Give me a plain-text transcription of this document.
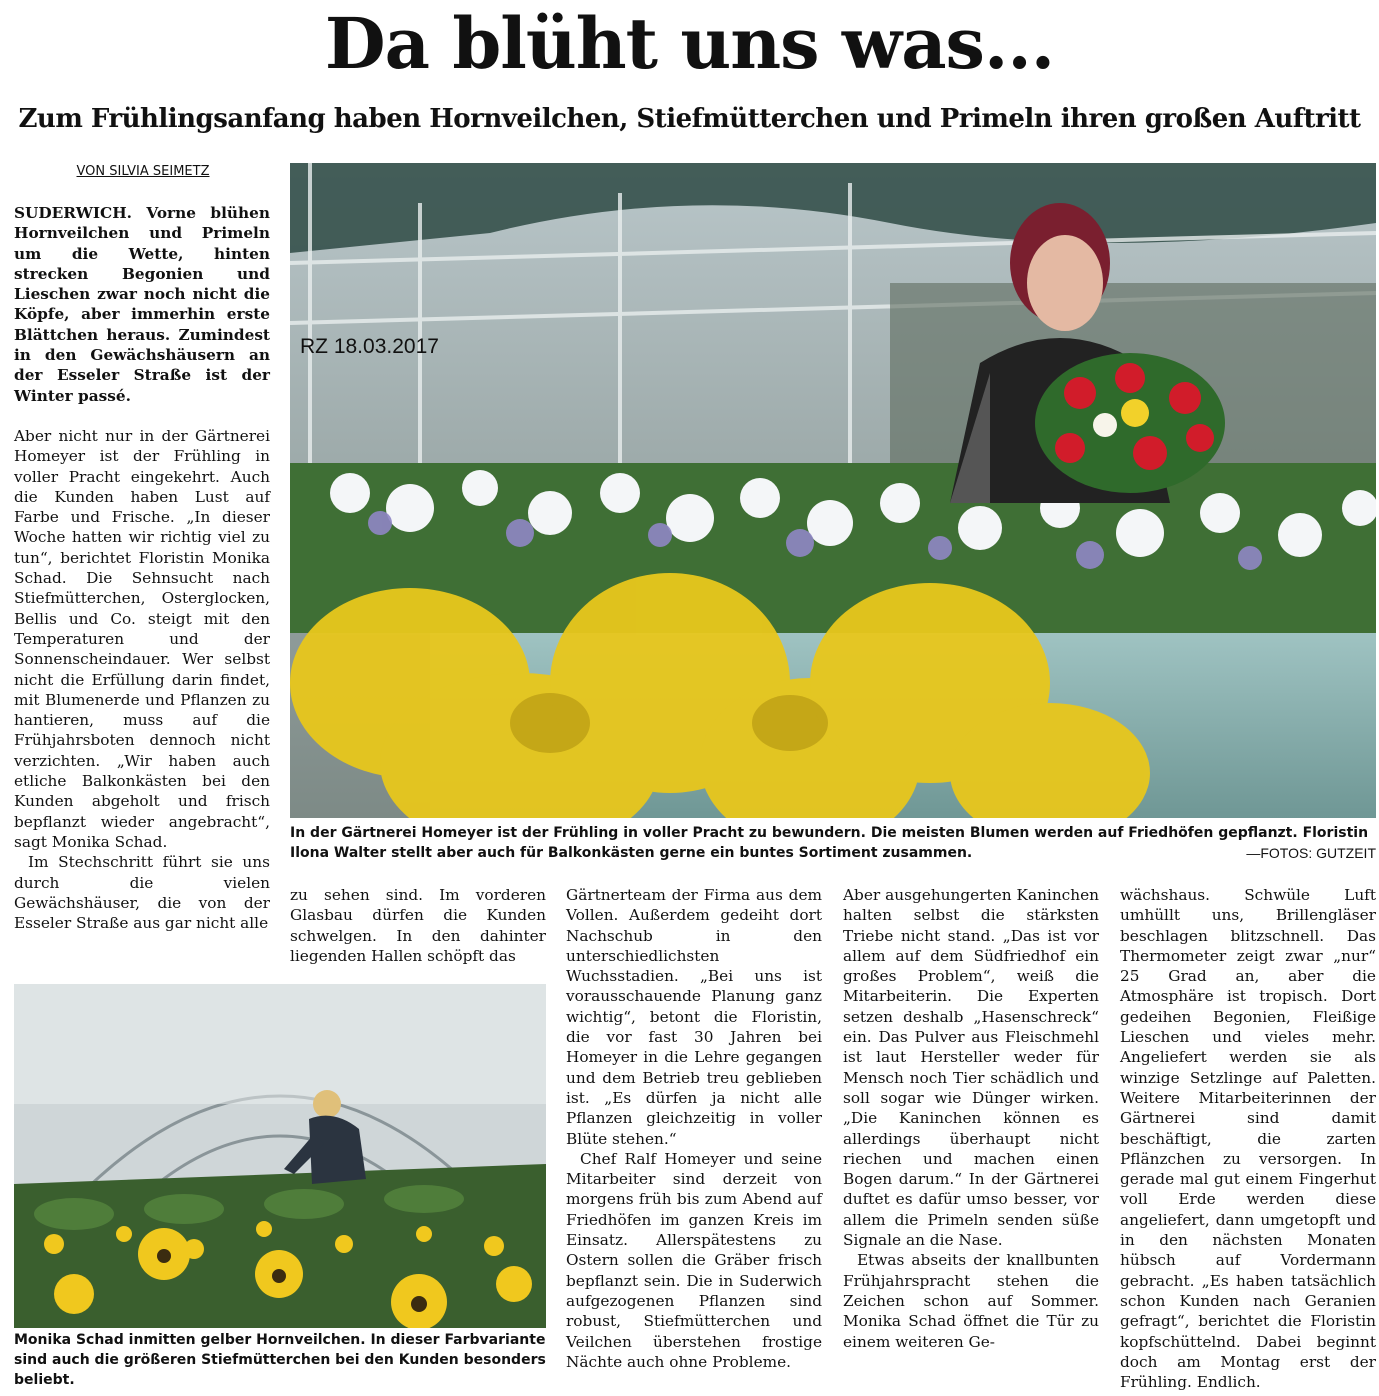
Da blüht uns was...
Zum Frühlingsanfang haben Hornveilchen, Stiefmütterchen und Primeln ihren großen Auftritt
VON SILVIA SEIMETZ

SUDERWICH. Vorne blühen Hornveilchen und Primeln um die Wette, hinten strecken Begonien und Lieschen zwar noch nicht die Köpfe, aber immerhin erste Blättchen heraus. Zumindest in den Gewächshäusern an der Esseler Straße ist der Winter passé.

Aber nicht nur in der Gärtnerei Homeyer ist der Frühling in voller Pracht eingekehrt. Auch die Kunden haben Lust auf Farbe und Frische. „In dieser Woche hatten wir richtig viel zu tun“, berichtet Floristin Monika Schad. Die Sehnsucht nach Stiefmütterchen, Osterglocken, Bellis und Co. steigt mit den Temperaturen und der Sonnenscheindauer. Wer selbst nicht die Erfüllung darin findet, mit Blumenerde und Pflanzen zu hantieren, muss auf die Frühjahrsboten dennoch nicht verzichten. „Wir haben auch etliche Balkonkästen bei den Kunden abgeholt und frisch bepflanzt wieder angebracht“, sagt Monika Schad.

Im Stechschritt führt sie uns durch die vielen Gewächshäuser, die von der Esseler Straße aus gar nicht alle

RZ 18.03.2017
In der Gärtnerei Homeyer ist der Frühling in voller Pracht zu bewundern. Die meisten Blumen werden auf Friedhöfen gepflanzt. Floristin Ilona Walter stellt aber auch für Balkonkästen gerne ein buntes Sortiment zusammen.	—FOTOS: GUTZEIT

zu sehen sind. Im vorderen Glasbau dürfen die Kunden schwelgen. In den dahinter liegenden Hallen schöpft das

Monika Schad inmitten gelber Hornveilchen. In dieser Farbvariante sind auch die größeren Stiefmütterchen bei den Kunden besonders beliebt.

Gärtnerteam der Firma aus dem Vollen. Außerdem gedeiht dort Nachschub in den unterschiedlichsten Wuchsstadien. „Bei uns ist vorausschauende Planung ganz wichtig“, betont die Floristin, die vor fast 30 Jahren bei Homeyer in die Lehre gegangen und dem Betrieb treu geblieben ist. „Es dürfen ja nicht alle Pflanzen gleichzeitig in voller Blüte stehen.“

Chef Ralf Homeyer und seine Mitarbeiter sind derzeit von morgens früh bis zum Abend auf Friedhöfen im ganzen Kreis im Einsatz. Allerspätestens zu Ostern sollen die Gräber frisch bepflanzt sein. Die in Suderwich aufgezogenen Pflanzen sind robust, Stiefmütterchen und Veilchen überstehen frostige Nächte auch ohne Probleme.

Aber ausgehungerten Kaninchen halten selbst die stärksten Triebe nicht stand. „Das ist vor allem auf dem Südfriedhof ein großes Problem“, weiß die Mitarbeiterin. Die Experten setzen deshalb „Hasenschreck“ ein. Das Pulver aus Fleischmehl ist laut Hersteller weder für Mensch noch Tier schädlich und soll sogar wie Dünger wirken. „Die Kaninchen können es allerdings überhaupt nicht riechen und machen einen Bogen darum.“ In der Gärtnerei duftet es dafür umso besser, vor allem die Primeln senden süße Signale an die Nase.

Etwas abseits der knallbunten Frühjahrspracht stehen die Zeichen schon auf Sommer. Monika Schad öffnet die Tür zu einem weiteren Ge-

wächshaus. Schwüle Luft umhüllt uns, Brillengläser beschlagen blitzschnell. Das Thermometer zeigt zwar „nur“ 25 Grad an, aber die Atmosphäre ist tropisch. Dort gedeihen Begonien, Fleißige Lieschen und vieles mehr. Angeliefert werden sie als winzige Setzlinge auf Paletten. Weitere Mitarbeiterinnen der Gärtnerei sind damit beschäftigt, die zarten Pflänzchen zu versorgen. In gerade mal gut einem Fingerhut voll Erde werden diese angeliefert, dann umgetopft und in den nächsten Monaten hübsch auf Vordermann gebracht. „Es haben tatsächlich schon Kunden nach Geranien gefragt“, berichtet die Floristin kopfschüttelnd. Dabei beginnt doch am Montag erst der Frühling. Endlich.
